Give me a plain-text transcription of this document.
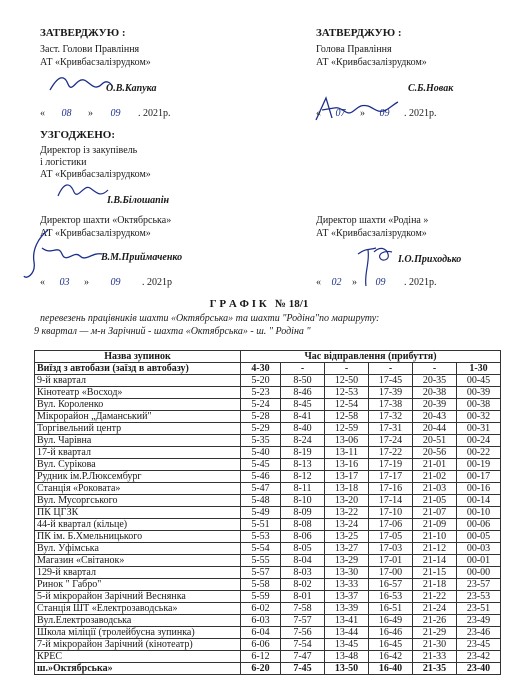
ЗАТВЕРДЖУЮ :
Заст. Голови Правління
АТ «Кривбасзалізрудком»
О.В.Капука
« 08 » 09 . 2021р.
ЗАТВЕРДЖУЮ :
Голова Правління
АТ «Кривбасзалізрудком»
С.Б.Новак
« 07 » 09 . 2021р.
УЗГОДЖЕНО:
Директор із закупівель
і логістики
АТ «Кривбасзалізрудком»
І.В.Білошапін
Директор шахти «Октябрська»
АТ «Кривбасзалізрудком»
В.М.Приймаченко
« 03 » 09 . 2021р
Директор шахти «Родіна »
АТ «Кривбасзалізрудком»
І.О.Приходько
« 02 » 09 . 2021р.
Г Р А Ф І К   № 18/1
перевезень працівників шахти «Октябрська» та шахти "Родіна"по маршруту:
9 квартал — м-н Зарічний - шахта «Октябрська» - ш. " Родіна "
Назва зупинок	Час відправлення (прибуття)					
Виїзд з автобази (заїзд в автобазу)	4-30	-	-	-	-	1-30
9-й квартал	5-20	8-50	12-50	17-45	20-35	00-45
Кінотеатр «Восход»	5-23	8-46	12-53	17-39	20-38	00-39
Вул. Короленко	5-24	8-45	12-54	17-38	20-39	00-38
Мікрорайон „Даманський"	5-28	8-41	12-58	17-32	20-43	00-32
Торгівельний центр	5-29	8-40	12-59	17-31	20-44	00-31
Вул. Чарівна	5-35	8-24	13-06	17-24	20-51	00-24
17-й квартал	5-40	8-19	13-11	17-22	20-56	00-22
Вул. Сурікова	5-45	8-13	13-16	17-19	21-01	00-19
Рудник ім.Р.Люксембург	5-46	8-12	13-17	17-17	21-02	00-17
Станція «Роковата»	5-47	8-11	13-18	17-16	21-03	00-16
Вул. Мусоргського	5-48	8-10	13-20	17-14	21-05	00-14
ПК ЦГЗК	5-49	8-09	13-22	17-10	21-07	00-10
44-й квартал (кільце)	5-51	8-08	13-24	17-06	21-09	00-06
ПК ім. Б.Хмельницького	5-53	8-06	13-25	17-05	21-10	00-05
Вул. Уфімська	5-54	8-05	13-27	17-03	21-12	00-03
Магазин «Світанок»	5-55	8-04	13-29	17-01	21-14	00-01
129-й квартал	5-57	8-03	13-30	17-00	21-15	00-00
Ринок " Габро"	5-58	8-02	13-33	16-57	21-18	23-57
5-й мікрорайон Зарічний Веснянка	5-59	8-01	13-37	16-53	21-22	23-53
Станція ШТ «Електрозаводська»	6-02	7-58	13-39	16-51	21-24	23-51
Вул.Електрозаводська	6-03	7-57	13-41	16-49	21-26	23-49
Школа міліції (тролейбусна зупинка)	6-04	7-56	13-44	16-46	21-29	23-46
7-й мікрорайон Зарічний (кінотеатр)	6-06	7-54	13-45	16-45	21-30	23-45
КРЕС	6-12	7-47	13-48	16-42	21-33	23-42
ш.»Октябрська»	6-20	7-45	13-50	16-40	21-35	23-40
